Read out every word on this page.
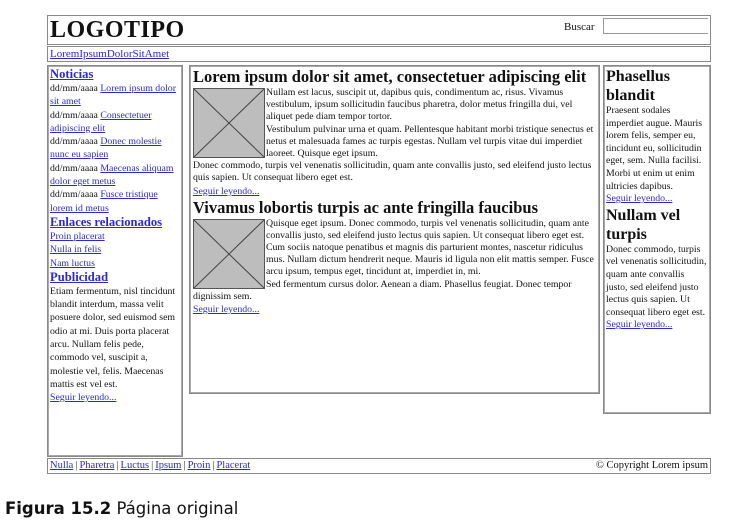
LOGOTIPO	Buscar
LoremIpsumDolorSitAmet
Noticias
dd/mm/aaaa Lorem ipsum dolor sit amet
dd/mm/aaaa Consectetuer adipiscing elit
dd/mm/aaaa Donec molestie nunc eu sapien
dd/mm/aaaa Maecenas aliquam dolor eget metus
dd/mm/aaaa Fusce tristique lorem id metus
Enlaces relacionados
Proin placerat
Nulla in felis
Nam luctus
Publicidad
Etiam fermentum, nisl tincidunt blandit interdum, massa velit posuere dolor, sed euismod sem odio at mi. Duis porta placerat arcu. Nullam felis pede, commodo vel, suscipit a, molestie vel, felis. Maecenas mattis est vel est.
Seguir leyendo...
Lorem ipsum dolor sit amet, consectetuer adipiscing elit

Nullam est lacus, suscipit ut, dapibus quis, condimentum ac, risus. Vivamus vestibulum, ipsum sollicitudin faucibus pharetra, dolor metus fringilla dui, vel aliquet pede diam tempor tortor.

Vestibulum pulvinar urna et quam. Pellentesque habitant morbi tristique senectus et netus et malesuada fames ac turpis egestas. Nullam vel turpis vitae dui imperdiet laoreet. Quisque eget ipsum.

Donec commodo, turpis vel venenatis sollicitudin, quam ante convallis justo, sed eleifend justo lectus quis sapien. Ut consequat libero eget est.

Seguir leyendo...
Vivamus lobortis turpis ac ante fringilla faucibus

Quisque eget ipsum. Donec commodo, turpis vel venenatis sollicitudin, quam ante convallis justo, sed eleifend justo lectus quis sapien. Ut consequat libero eget est.

Cum sociis natoque penatibus et magnis dis parturient montes, nascetur ridiculus mus. Nullam dictum hendrerit neque. Mauris id ligula non elit mattis semper. Fusce arcu ipsum, tempus eget, tincidunt at, imperdiet in, mi.

Sed fermentum cursus dolor. Aenean a diam. Phasellus feugiat. Donec tempor dignissim sem.

Seguir leyendo...
Phasellus blandit
Praesent sodales imperdiet augue. Mauris lorem felis, semper eu, tincidunt eu, sollicitudin eget, sem. Nulla facilisi. Morbi ut enim ut enim ultricies dapibus.
Seguir leyendo...
Nullam vel turpis
Donec commodo, turpis vel venenatis sollicitudin, quam ante convallis justo, sed eleifend justo lectus quis sapien. Ut consequat libero eget est.
Seguir leyendo...
Nulla | Pharetra | Luctus | Ipsum | Proin | Placerat	© Copyright Lorem ipsum
Figura 15.2 Página original
